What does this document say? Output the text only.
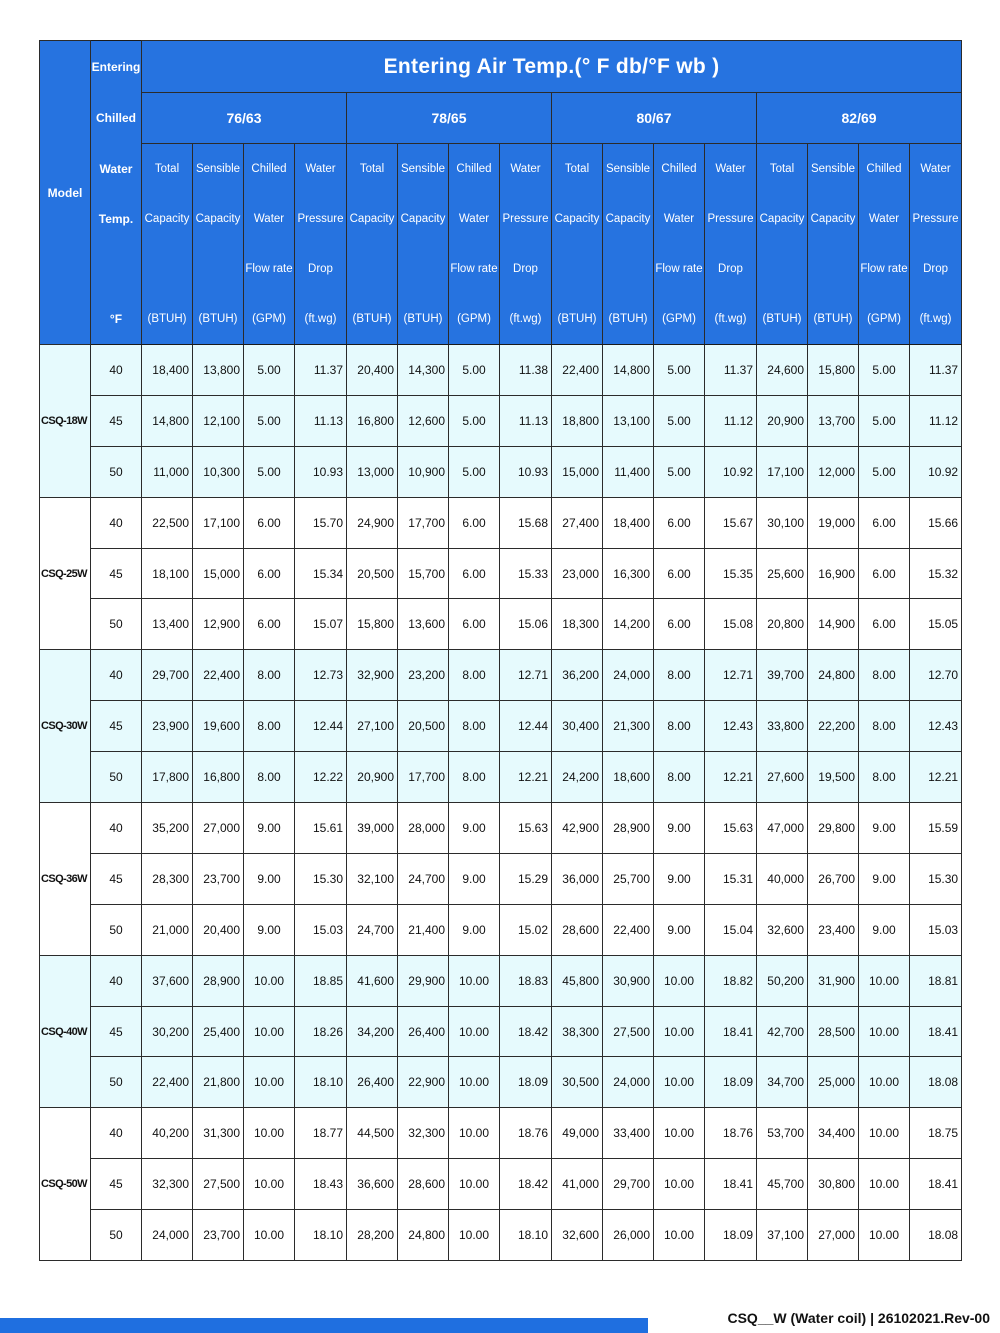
Model	Entering	Entering Air Temp.(° F db/°F wb )															
	Chilled	76/63				78/65				80/67				82/69			
	Water	Total	Sensible	Chilled	Water	Total	Sensible	Chilled	Water	Total	Sensible	Chilled	Water	Total	Sensible	Chilled	Water
	Temp.	Capacity	Capacity	Water	Pressure	Capacity	Capacity	Water	Pressure	Capacity	Capacity	Water	Pressure	Capacity	Capacity	Water	Pressure
				Flow rate	Drop			Flow rate	Drop			Flow rate	Drop			Flow rate	Drop
	°F	(BTUH)	(BTUH)	(GPM)	(ft.wg)	(BTUH)	(BTUH)	(GPM)	(ft.wg)	(BTUH)	(BTUH)	(GPM)	(ft.wg)	(BTUH)	(BTUH)	(GPM)	(ft.wg)
CSQ-18W	40	18,400	13,800	5.00	11.37	20,400	14,300	5.00	11.38	22,400	14,800	5.00	11.37	24,600	15,800	5.00	11.37
	45	14,800	12,100	5.00	11.13	16,800	12,600	5.00	11.13	18,800	13,100	5.00	11.12	20,900	13,700	5.00	11.12
	50	11,000	10,300	5.00	10.93	13,000	10,900	5.00	10.93	15,000	11,400	5.00	10.92	17,100	12,000	5.00	10.92
CSQ-25W	40	22,500	17,100	6.00	15.70	24,900	17,700	6.00	15.68	27,400	18,400	6.00	15.67	30,100	19,000	6.00	15.66
	45	18,100	15,000	6.00	15.34	20,500	15,700	6.00	15.33	23,000	16,300	6.00	15.35	25,600	16,900	6.00	15.32
	50	13,400	12,900	6.00	15.07	15,800	13,600	6.00	15.06	18,300	14,200	6.00	15.08	20,800	14,900	6.00	15.05
CSQ-30W	40	29,700	22,400	8.00	12.73	32,900	23,200	8.00	12.71	36,200	24,000	8.00	12.71	39,700	24,800	8.00	12.70
	45	23,900	19,600	8.00	12.44	27,100	20,500	8.00	12.44	30,400	21,300	8.00	12.43	33,800	22,200	8.00	12.43
	50	17,800	16,800	8.00	12.22	20,900	17,700	8.00	12.21	24,200	18,600	8.00	12.21	27,600	19,500	8.00	12.21
CSQ-36W	40	35,200	27,000	9.00	15.61	39,000	28,000	9.00	15.63	42,900	28,900	9.00	15.63	47,000	29,800	9.00	15.59
	45	28,300	23,700	9.00	15.30	32,100	24,700	9.00	15.29	36,000	25,700	9.00	15.31	40,000	26,700	9.00	15.30
	50	21,000	20,400	9.00	15.03	24,700	21,400	9.00	15.02	28,600	22,400	9.00	15.04	32,600	23,400	9.00	15.03
CSQ-40W	40	37,600	28,900	10.00	18.85	41,600	29,900	10.00	18.83	45,800	30,900	10.00	18.82	50,200	31,900	10.00	18.81
	45	30,200	25,400	10.00	18.26	34,200	26,400	10.00	18.42	38,300	27,500	10.00	18.41	42,700	28,500	10.00	18.41
	50	22,400	21,800	10.00	18.10	26,400	22,900	10.00	18.09	30,500	24,000	10.00	18.09	34,700	25,000	10.00	18.08
CSQ-50W	40	40,200	31,300	10.00	18.77	44,500	32,300	10.00	18.76	49,000	33,400	10.00	18.76	53,700	34,400	10.00	18.75
	45	32,300	27,500	10.00	18.43	36,600	28,600	10.00	18.42	41,000	29,700	10.00	18.41	45,700	30,800	10.00	18.41
	50	24,000	23,700	10.00	18.10	28,200	24,800	10.00	18.10	32,600	26,000	10.00	18.09	37,100	27,000	10.00	18.08
CSQ__W (Water coil) | 26102021.Rev-00
